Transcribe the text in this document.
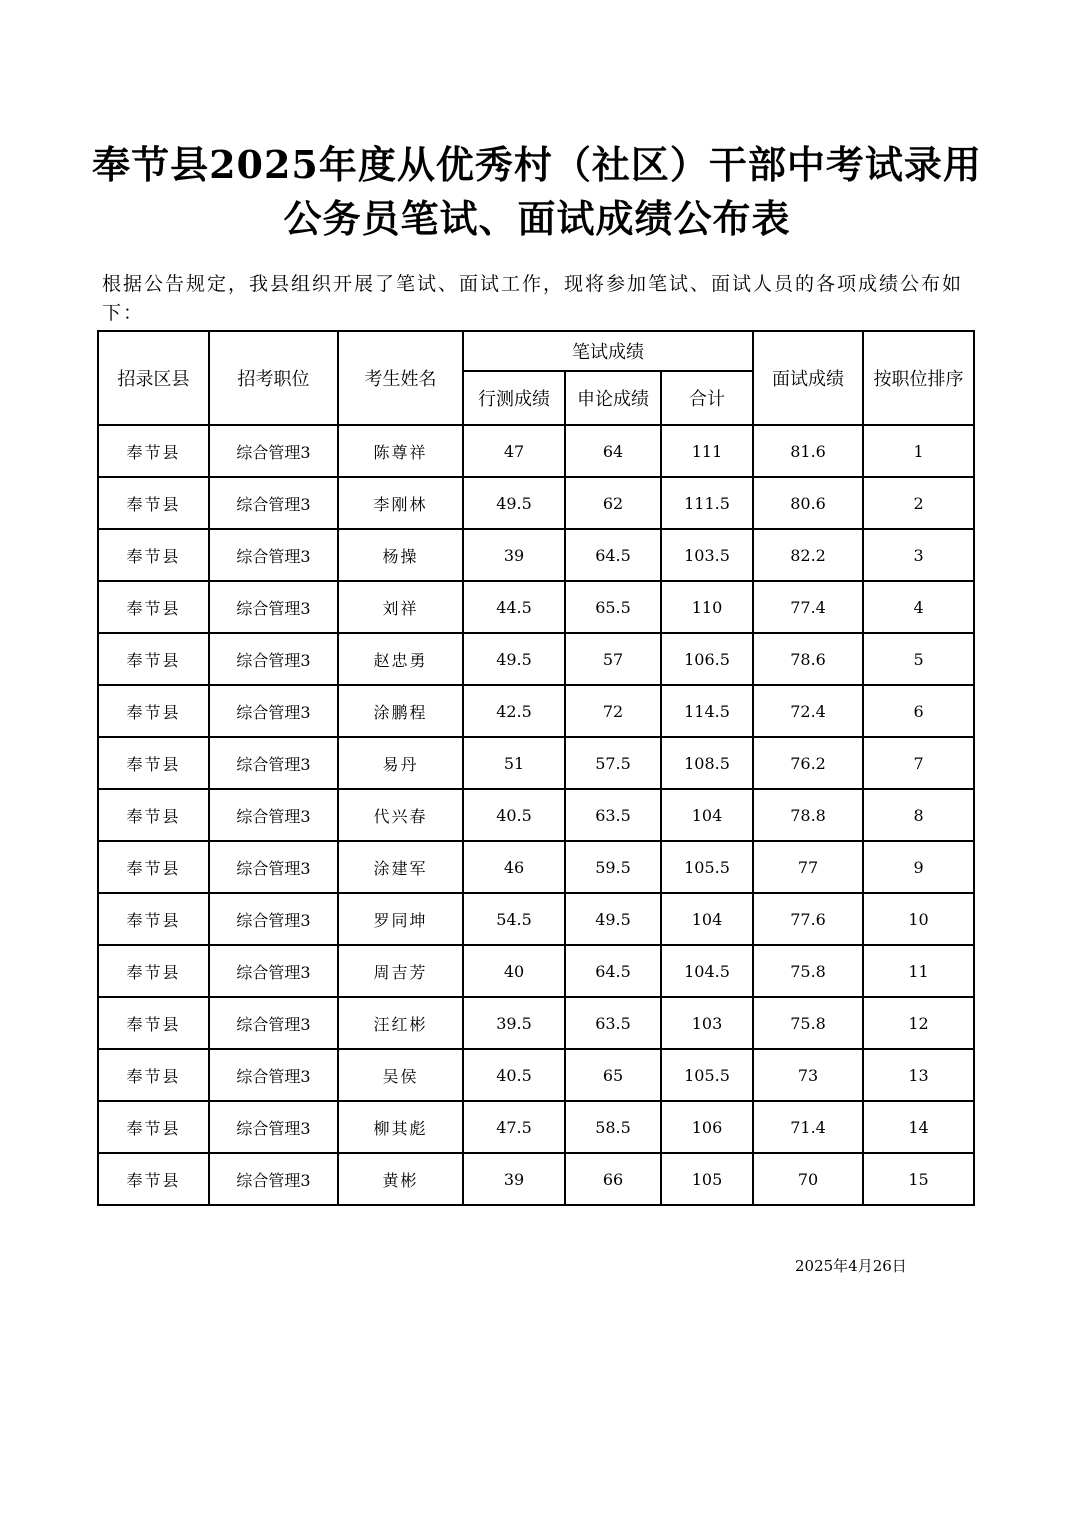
奉节县2025年度从优秀村（社区）干部中考试录用
公务员笔试、面试成绩公布表
根据公告规定，我县组织开展了笔试、面试工作，现将参加笔试、面试人员的各项成绩公布如下：
招录区县	招考职位	考生姓名	笔试成绩			面试成绩	按职位排序
			行测成绩	申论成绩	合计		
奉节县	综合管理3	陈尊祥	47	64	111	81.6	1
奉节县	综合管理3	李刚林	49.5	62	111.5	80.6	2
奉节县	综合管理3	杨操	39	64.5	103.5	82.2	3
奉节县	综合管理3	刘祥	44.5	65.5	110	77.4	4
奉节县	综合管理3	赵忠勇	49.5	57	106.5	78.6	5
奉节县	综合管理3	涂鹏程	42.5	72	114.5	72.4	6
奉节县	综合管理3	易丹	51	57.5	108.5	76.2	7
奉节县	综合管理3	代兴春	40.5	63.5	104	78.8	8
奉节县	综合管理3	涂建军	46	59.5	105.5	77	9
奉节县	综合管理3	罗同坤	54.5	49.5	104	77.6	10
奉节县	综合管理3	周吉芳	40	64.5	104.5	75.8	11
奉节县	综合管理3	汪红彬	39.5	63.5	103	75.8	12
奉节县	综合管理3	吴侯	40.5	65	105.5	73	13
奉节县	综合管理3	柳其彪	47.5	58.5	106	71.4	14
奉节县	综合管理3	黄彬	39	66	105	70	15
2025年4月26日
